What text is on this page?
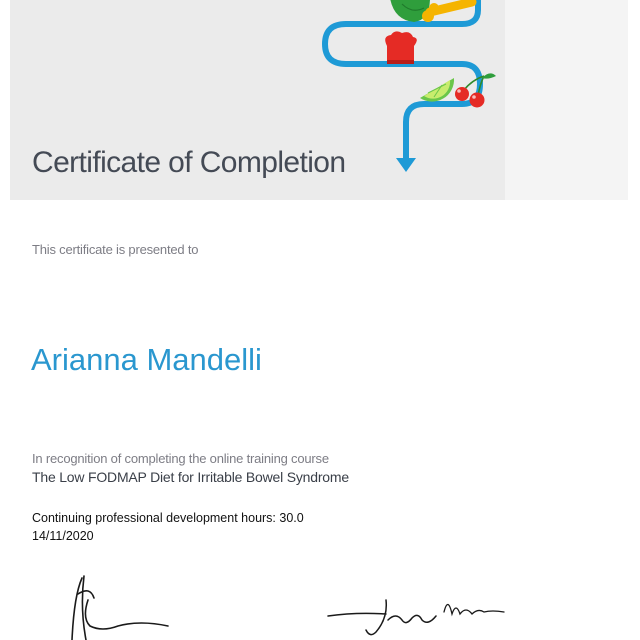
Certificate of Completion
This certificate is presented to
Arianna Mandelli
In recognition of completing the online training course
The Low FODMAP Diet for Irritable Bowel Syndrome
Continuing professional development hours: 30.0
14/11/2020
